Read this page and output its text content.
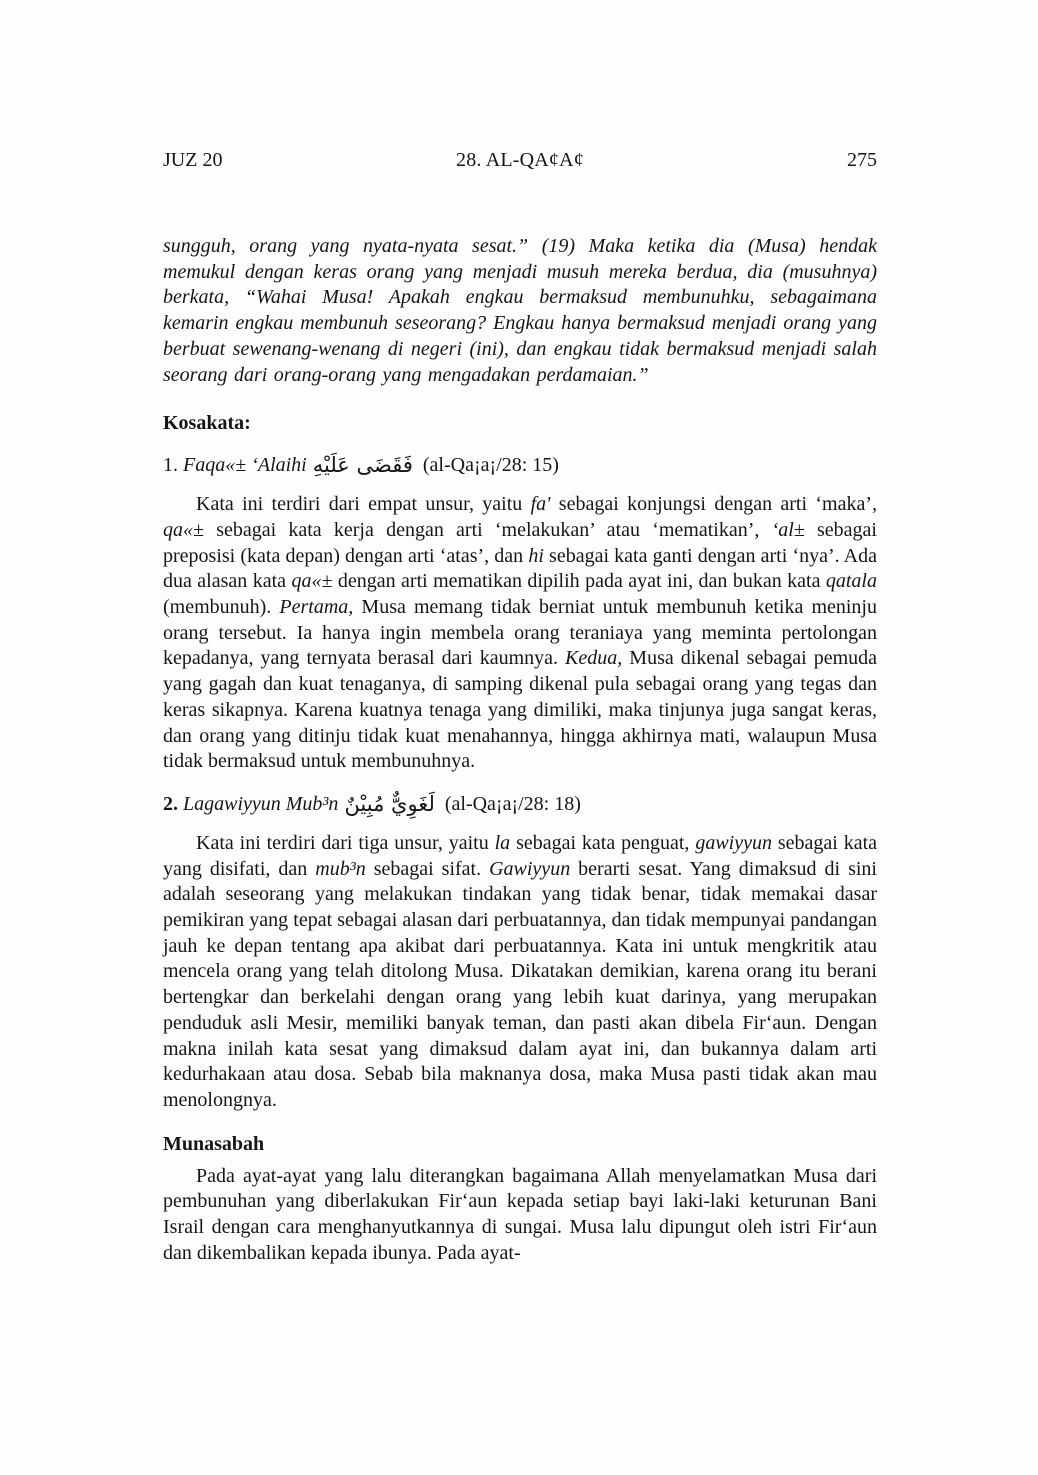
JUZ 20	28. AL-QA¢A¢	275

sungguh, orang yang nyata-nyata sesat.” (19) Maka ketika dia (Musa) hendak memukul dengan keras orang yang menjadi musuh mereka berdua, dia (musuhnya) berkata, “Wahai Musa! Apakah engkau bermaksud membunuhku, sebagaimana kemarin engkau membunuh seseorang? Engkau hanya bermaksud menjadi orang yang berbuat sewenang-wenang di negeri (ini), dan engkau tidak bermaksud menjadi salah seorang dari orang-orang yang mengadakan perdamaian.”

Kosakata:

1. Faqa«± ‘Alaihi فَقَضَى عَلَيْهِ (al-Qa¡a¡/28: 15)

Kata ini terdiri dari empat unsur, yaitu fa' sebagai konjungsi dengan arti ‘maka’, qa«± sebagai kata kerja dengan arti ‘melakukan’ atau ‘mematikan’, ‘al± sebagai preposisi (kata depan) dengan arti ‘atas’, dan hi sebagai kata ganti dengan arti ‘nya’. Ada dua alasan kata qa«± dengan arti mematikan dipilih pada ayat ini, dan bukan kata qatala (membunuh). Pertama, Musa memang tidak berniat untuk membunuh ketika meninju orang tersebut. Ia hanya ingin membela orang teraniaya yang meminta pertolongan kepadanya, yang ternyata berasal dari kaumnya. Kedua, Musa dikenal sebagai pemuda yang gagah dan kuat tenaganya, di samping dikenal pula sebagai orang yang tegas dan keras sikapnya. Karena kuatnya tenaga yang dimiliki, maka tinjunya juga sangat keras, dan orang yang ditinju tidak kuat menahannya, hingga akhirnya mati, walaupun Musa tidak bermaksud untuk membunuhnya.

2. Lagawiyyun Mub³n لَغَوِيٌّ مُبِيْنٌ (al-Qa¡a¡/28: 18)

Kata ini terdiri dari tiga unsur, yaitu la sebagai kata penguat, gawiyyun sebagai kata yang disifati, dan mub³n sebagai sifat. Gawiyyun berarti sesat. Yang dimaksud di sini adalah seseorang yang melakukan tindakan yang tidak benar, tidak memakai dasar pemikiran yang tepat sebagai alasan dari perbuatannya, dan tidak mempunyai pandangan jauh ke depan tentang apa akibat dari perbuatannya. Kata ini untuk mengkritik atau mencela orang yang telah ditolong Musa. Dikatakan demikian, karena orang itu berani bertengkar dan berkelahi dengan orang yang lebih kuat darinya, yang merupakan penduduk asli Mesir, memiliki banyak teman, dan pasti akan dibela Fir‘aun. Dengan makna inilah kata sesat yang dimaksud dalam ayat ini, dan bukannya dalam arti kedurhakaan atau dosa. Sebab bila maknanya dosa, maka Musa pasti tidak akan mau menolongnya.

Munasabah

Pada ayat-ayat yang lalu diterangkan bagaimana Allah menyelamatkan Musa dari pembunuhan yang diberlakukan Fir‘aun kepada setiap bayi laki-laki keturunan Bani Israil dengan cara menghanyutkannya di sungai. Musa lalu dipungut oleh istri Fir‘aun dan dikembalikan kepada ibunya. Pada ayat-
